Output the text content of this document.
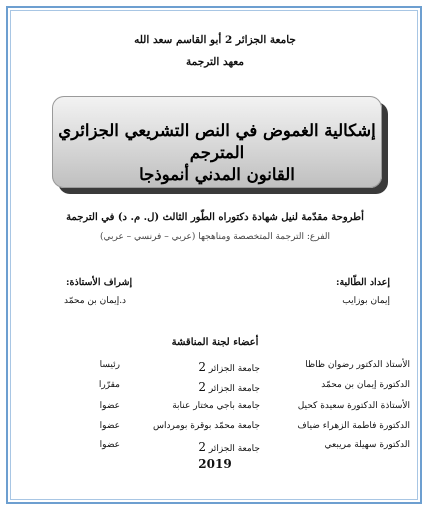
جامعة الجزائر 2 أبو القاسم سعد الله
معهد الترجمة
إشكالية الغموض في النص التشريعي الجزائري المترجم
القانون المدني أنموذجا
أطروحة مقدّمة لنيل شهادة دكتوراه الطّور الثالث (ل. م. د) في الترجمة
الفرع: الترجمة المتخصصة ومناهجها (عربي – فرنسي – عربي)
إعداد الطّالبة:
إيمان بوزايب
إشراف الأستاذة:
د.إيمان بن محمّد
أعضاء لجنة المناقشة
الأستاذ الدكتور رضوان ظاظا
جامعة الجزائر 2
رئيسا
الدكتورة إيمان بن محمّد
جامعة الجزائر 2
مقرّرا
الأستاذة الدكتورة سعيدة كحيل
جامعة باجي مختار عنابة
عضوا
الدكتورة فاطمة الزهراء ضياف
جامعة محمّد بوقرة بومرداس
عضوا
الدكتورة سهيلة مريبعي
جامعة الجزائر 2
عضوا
2019
